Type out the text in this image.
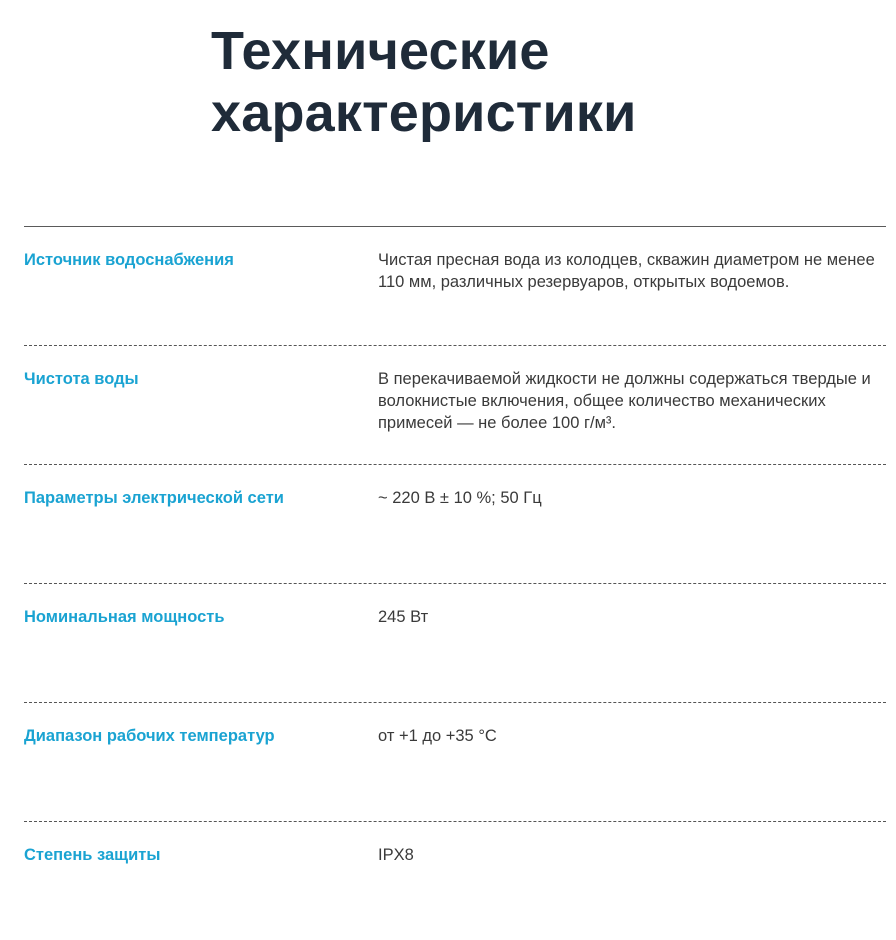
Технические характеристики
Источник водоснабжения	Чистая пресная вода из колодцев, скважин диаметром не менее 110 мм, различных резервуаров, открытых водоемов.
Чистота воды	В перекачиваемой жидкости не должны содержаться твердые и волокнистые включения, общее количество механических примесей — не более 100 г/м³.
Параметры электрической сети	~ 220 В ± 10 %; 50 Гц
Номинальная мощность	245 Вт
Диапазон рабочих температур	от +1 до +35 °С
Степень защиты	IPX8
